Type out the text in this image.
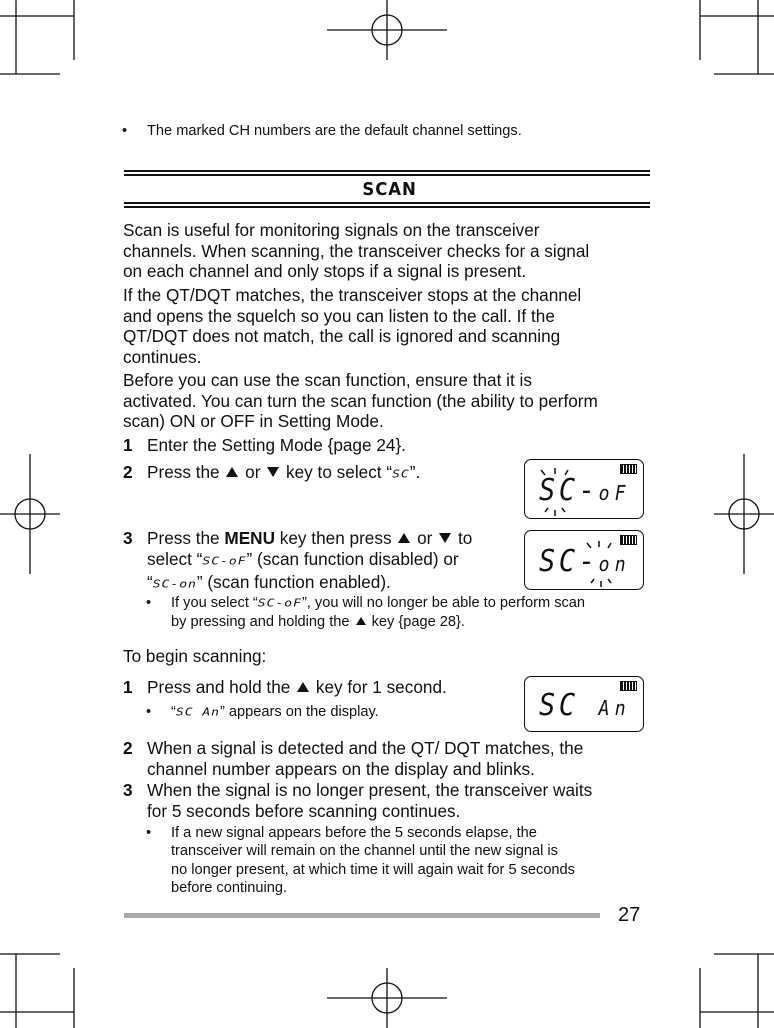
• The marked CH numbers are the default channel settings.
SCAN
Scan is useful for monitoring signals on the transceiver
channels. When scanning, the transceiver checks for a signal
on each channel and only stops if a signal is present.
If the QT/DQT matches, the transceiver stops at the channel
and opens the squelch so you can listen to the call. If the
QT/DQT does not match, the call is ignored and scanning
continues.
Before you can use the scan function, ensure that it is
activated. You can turn the scan function (the ability to perform
scan) ON or OFF in Setting Mode.
1 Enter the Setting Mode {page 24}.
2 Press the or key to select “SC”.
3 Press the MENU key then press or to
select “SC-oF” (scan function disabled) or
“SC-on” (scan function enabled).
• If you select “SC-oF”, you will no longer be able to perform scan
by pressing and holding the key {page 28}.
To begin scanning:
1 Press and hold the key for 1 second.
• “SC An” appears on the display.
2 When a signal is detected and the QT/ DQT matches, the
channel number appears on the display and blinks.
3 When the signal is no longer present, the transceiver waits
for 5 seconds before scanning continues.
• If a new signal appears before the 5 seconds elapse, the
transceiver will remain on the channel until the new signal is
no longer present, at which time it will again wait for 5 seconds
before continuing.
SC-oF
SC-on
SC An
27
